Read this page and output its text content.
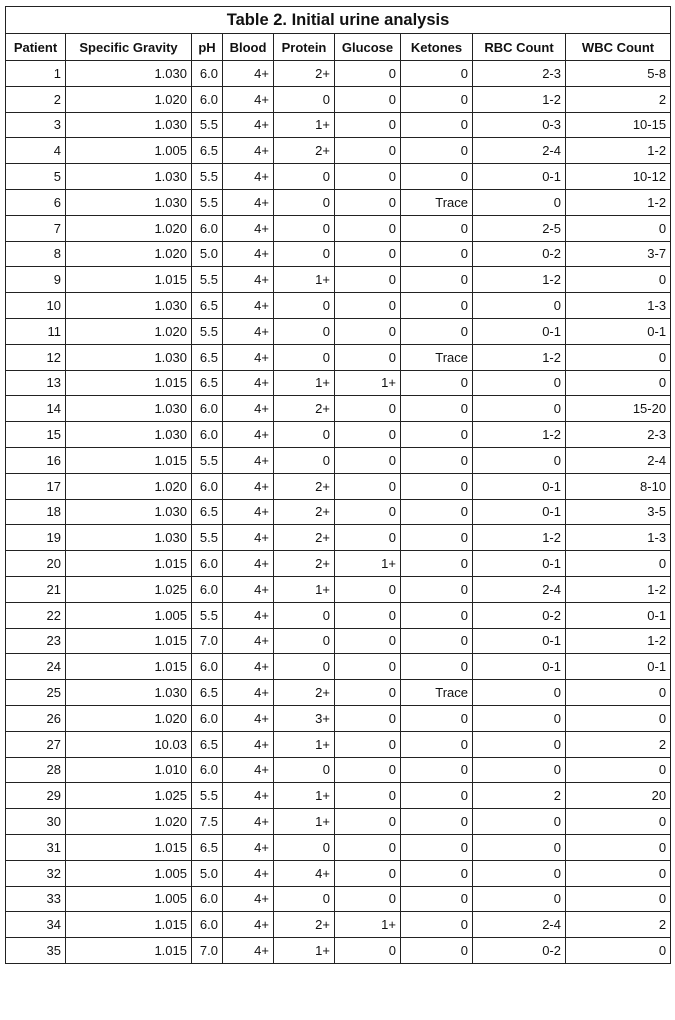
Table 2. Initial urine analysis								
Patient	Specific Gravity	pH	Blood	Protein	Glucose	Ketones	RBC Count	WBC Count
1	1.030	6.0	4+	2+	0	0	2-3	5-8
2	1.020	6.0	4+	0	0	0	1-2	2
3	1.030	5.5	4+	1+	0	0	0-3	10-15
4	1.005	6.5	4+	2+	0	0	2-4	1-2
5	1.030	5.5	4+	0	0	0	0-1	10-12
6	1.030	5.5	4+	0	0	Trace	0	1-2
7	1.020	6.0	4+	0	0	0	2-5	0
8	1.020	5.0	4+	0	0	0	0-2	3-7
9	1.015	5.5	4+	1+	0	0	1-2	0
10	1.030	6.5	4+	0	0	0	0	1-3
11	1.020	5.5	4+	0	0	0	0-1	0-1
12	1.030	6.5	4+	0	0	Trace	1-2	0
13	1.015	6.5	4+	1+	1+	0	0	0
14	1.030	6.0	4+	2+	0	0	0	15-20
15	1.030	6.0	4+	0	0	0	1-2	2-3
16	1.015	5.5	4+	0	0	0	0	2-4
17	1.020	6.0	4+	2+	0	0	0-1	8-10
18	1.030	6.5	4+	2+	0	0	0-1	3-5
19	1.030	5.5	4+	2+	0	0	1-2	1-3
20	1.015	6.0	4+	2+	1+	0	0-1	0
21	1.025	6.0	4+	1+	0	0	2-4	1-2
22	1.005	5.5	4+	0	0	0	0-2	0-1
23	1.015	7.0	4+	0	0	0	0-1	1-2
24	1.015	6.0	4+	0	0	0	0-1	0-1
25	1.030	6.5	4+	2+	0	Trace	0	0
26	1.020	6.0	4+	3+	0	0	0	0
27	10.03	6.5	4+	1+	0	0	0	2
28	1.010	6.0	4+	0	0	0	0	0
29	1.025	5.5	4+	1+	0	0	2	20
30	1.020	7.5	4+	1+	0	0	0	0
31	1.015	6.5	4+	0	0	0	0	0
32	1.005	5.0	4+	4+	0	0	0	0
33	1.005	6.0	4+	0	0	0	0	0
34	1.015	6.0	4+	2+	1+	0	2-4	2
35	1.015	7.0	4+	1+	0	0	0-2	0
